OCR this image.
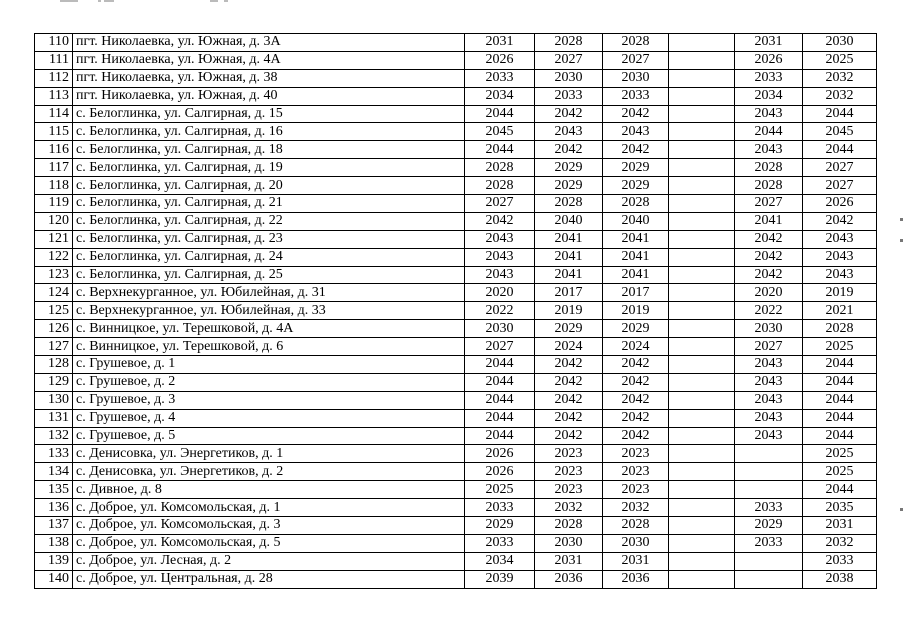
110	пгт. Николаевка, ул. Южная, д. 3А	2031	2028	2028		2031	2030
111	пгт. Николаевка, ул. Южная, д. 4А	2026	2027	2027		2026	2025
112	пгт. Николаевка, ул. Южная, д. 38	2033	2030	2030		2033	2032
113	пгт. Николаевка, ул. Южная, д. 40	2034	2033	2033		2034	2032
114	с. Белоглинка, ул. Салгирная, д. 15	2044	2042	2042		2043	2044
115	с. Белоглинка, ул. Салгирная, д. 16	2045	2043	2043		2044	2045
116	с. Белоглинка, ул. Салгирная, д. 18	2044	2042	2042		2043	2044
117	с. Белоглинка, ул. Салгирная, д. 19	2028	2029	2029		2028	2027
118	с. Белоглинка, ул. Салгирная, д. 20	2028	2029	2029		2028	2027
119	с. Белоглинка, ул. Салгирная, д. 21	2027	2028	2028		2027	2026
120	с. Белоглинка, ул. Салгирная, д. 22	2042	2040	2040		2041	2042
121	с. Белоглинка, ул. Салгирная, д. 23	2043	2041	2041		2042	2043
122	с. Белоглинка, ул. Салгирная, д. 24	2043	2041	2041		2042	2043
123	с. Белоглинка, ул. Салгирная, д. 25	2043	2041	2041		2042	2043
124	с. Верхнекурганное, ул. Юбилейная, д. 31	2020	2017	2017		2020	2019
125	с. Верхнекурганное, ул. Юбилейная, д. 33	2022	2019	2019		2022	2021
126	с. Винницкое, ул. Терешковой, д. 4А	2030	2029	2029		2030	2028
127	с. Винницкое, ул. Терешковой, д. 6	2027	2024	2024		2027	2025
128	с. Грушевое, д. 1	2044	2042	2042		2043	2044
129	с. Грушевое, д. 2	2044	2042	2042		2043	2044
130	с. Грушевое, д. 3	2044	2042	2042		2043	2044
131	с. Грушевое, д. 4	2044	2042	2042		2043	2044
132	с. Грушевое, д. 5	2044	2042	2042		2043	2044
133	с. Денисовка, ул. Энергетиков, д. 1	2026	2023	2023			2025
134	с. Денисовка, ул. Энергетиков, д. 2	2026	2023	2023			2025
135	с. Дивное, д. 8	2025	2023	2023			2044
136	с. Доброе, ул. Комсомольская, д. 1	2033	2032	2032		2033	2035
137	с. Доброе, ул. Комсомольская, д. 3	2029	2028	2028		2029	2031
138	с. Доброе, ул. Комсомольская, д. 5	2033	2030	2030		2033	2032
139	с. Доброе, ул. Лесная, д. 2	2034	2031	2031			2033
140	с. Доброе, ул. Центральная, д. 28	2039	2036	2036			2038
